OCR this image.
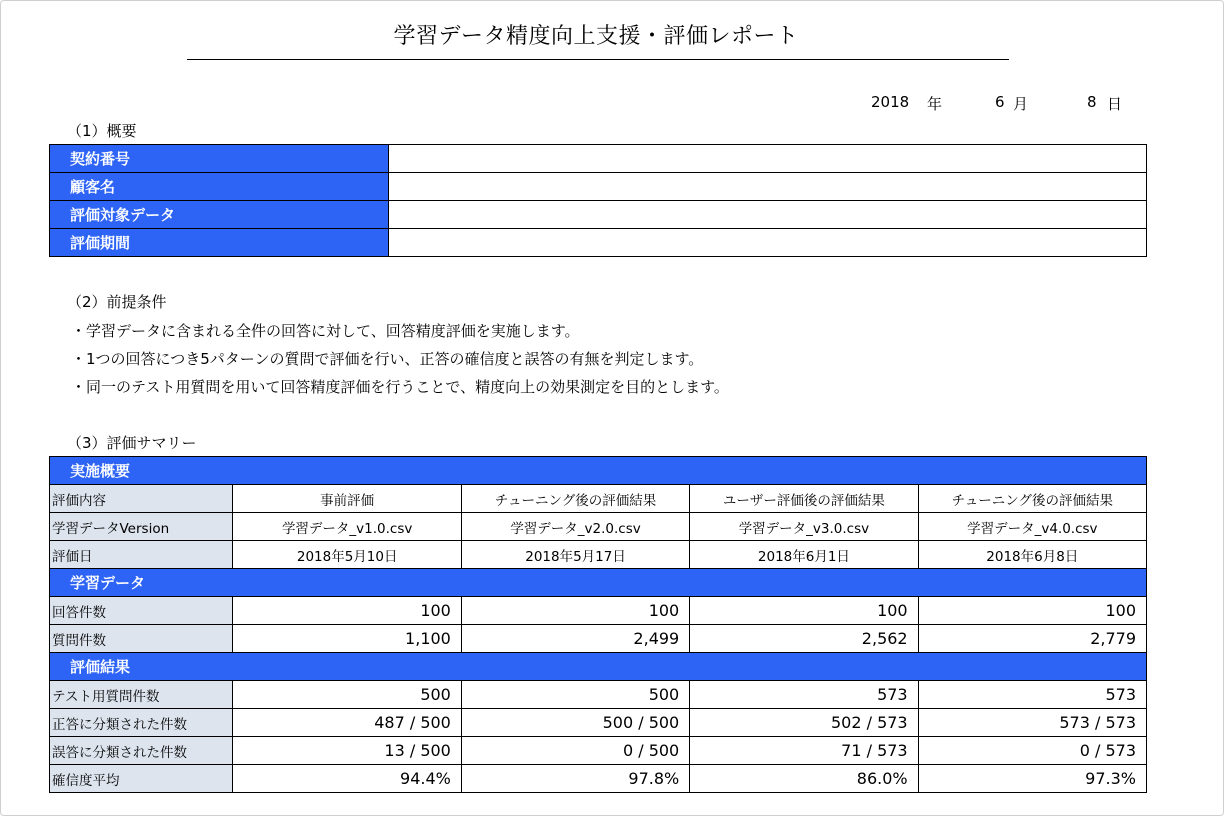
学習データ精度向上支援・評価レポート
2018 年	6 月	8 日
（1）概要
契約番号	
顧客名	
評価対象データ	
評価期間	
（2）前提条件
・学習データに含まれる全件の回答に対して、回答精度評価を実施します。
・1つの回答につき5パターンの質問で評価を行い、正答の確信度と誤答の有無を判定します。
・同一のテスト用質問を用いて回答精度評価を行うことで、精度向上の効果測定を目的とします。
（3）評価サマリー
実施概要				
評価内容	事前評価	チューニング後の評価結果	ユーザー評価後の評価結果	チューニング後の評価結果
学習データVersion	学習データ_v1.0.csv	学習データ_v2.0.csv	学習データ_v3.0.csv	学習データ_v4.0.csv
評価日	2018年5月10日	2018年5月17日	2018年6月1日	2018年6月8日
学習データ				
回答件数	100	100	100	100
質問件数	1,100	2,499	2,562	2,779
評価結果				
テスト用質問件数	500	500	573	573
正答に分類された件数	487 / 500	500 / 500	502 / 573	573 / 573
誤答に分類された件数	13 / 500	0 / 500	71 / 573	0 / 573
確信度平均	94.4%	97.8%	86.0%	97.3%
